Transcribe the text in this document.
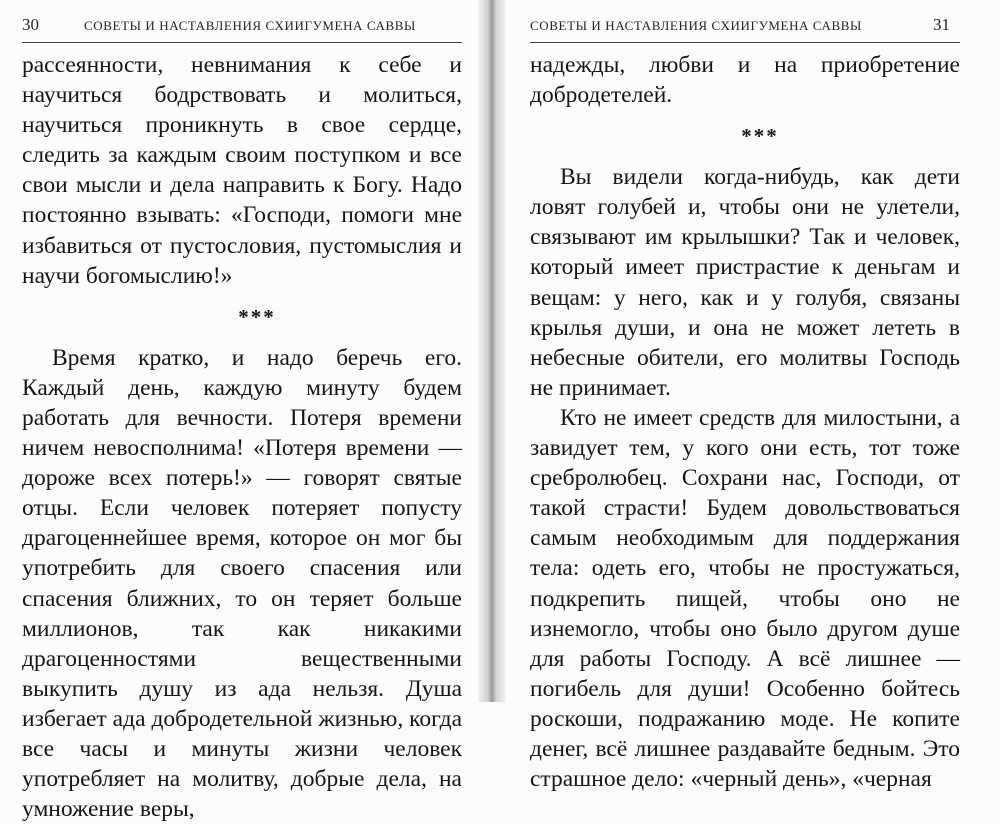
30	СОВЕТЫ И НАСТАВЛЕНИЯ СХИИГУМЕНА САВВЫ	СОВЕТЫ И НАСТАВЛЕНИЯ СХИИГУМЕНА САВВЫ	31

рассеянности, невнимания к себе и научиться бодрствовать и молиться, научиться проникнуть в свое сердце, следить за каждым своим поступком и все свои мысли и дела направить к Богу. Надо постоянно взывать: «Господи, помоги мне избавиться от пустословия, пустомыслия и научи богомыслию!»

***

Время кратко, и надо беречь его. Каждый день, каждую минуту будем работать для вечности. Потеря времени ничем невосполнима! «Потеря времени — дороже всех потерь!» — говорят святые отцы. Если человек потеряет попусту драгоценнейшее время, которое он мог бы употребить для своего спасения или спасения ближних, то он теряет больше миллионов, так как никакими драгоценностями вещественными выкупить душу из ада нельзя. Душа избегает ада добродетельной жизнью, когда все часы и минуты жизни человек употребляет на молитву, добрые дела, на умножение веры,

надежды, любви и на приобретение добродетелей.

***

Вы видели когда-нибудь, как дети ловят голубей и, чтобы они не улетели, связывают им крылышки? Так и человек, который имеет пристрастие к деньгам и вещам: у него, как и у голубя, связаны крылья души, и она не может лететь в небесные обители, его молитвы Господь не принимает.

Кто не имеет средств для милостыни, а завидует тем, у кого они есть, тот тоже сребролюбец. Сохрани нас, Господи, от такой страсти! Будем довольствоваться самым необходимым для поддержания тела: одеть его, чтобы не простужаться, подкрепить пищей, чтобы оно не изнемогло, чтобы оно было другом душе для работы Господу. А всё лишнее — погибель для души! Особенно бойтесь роскоши, подражанию моде. Не копите денег, всё лишнее раздавайте бедным. Это страшное дело: «черный день», «черная
